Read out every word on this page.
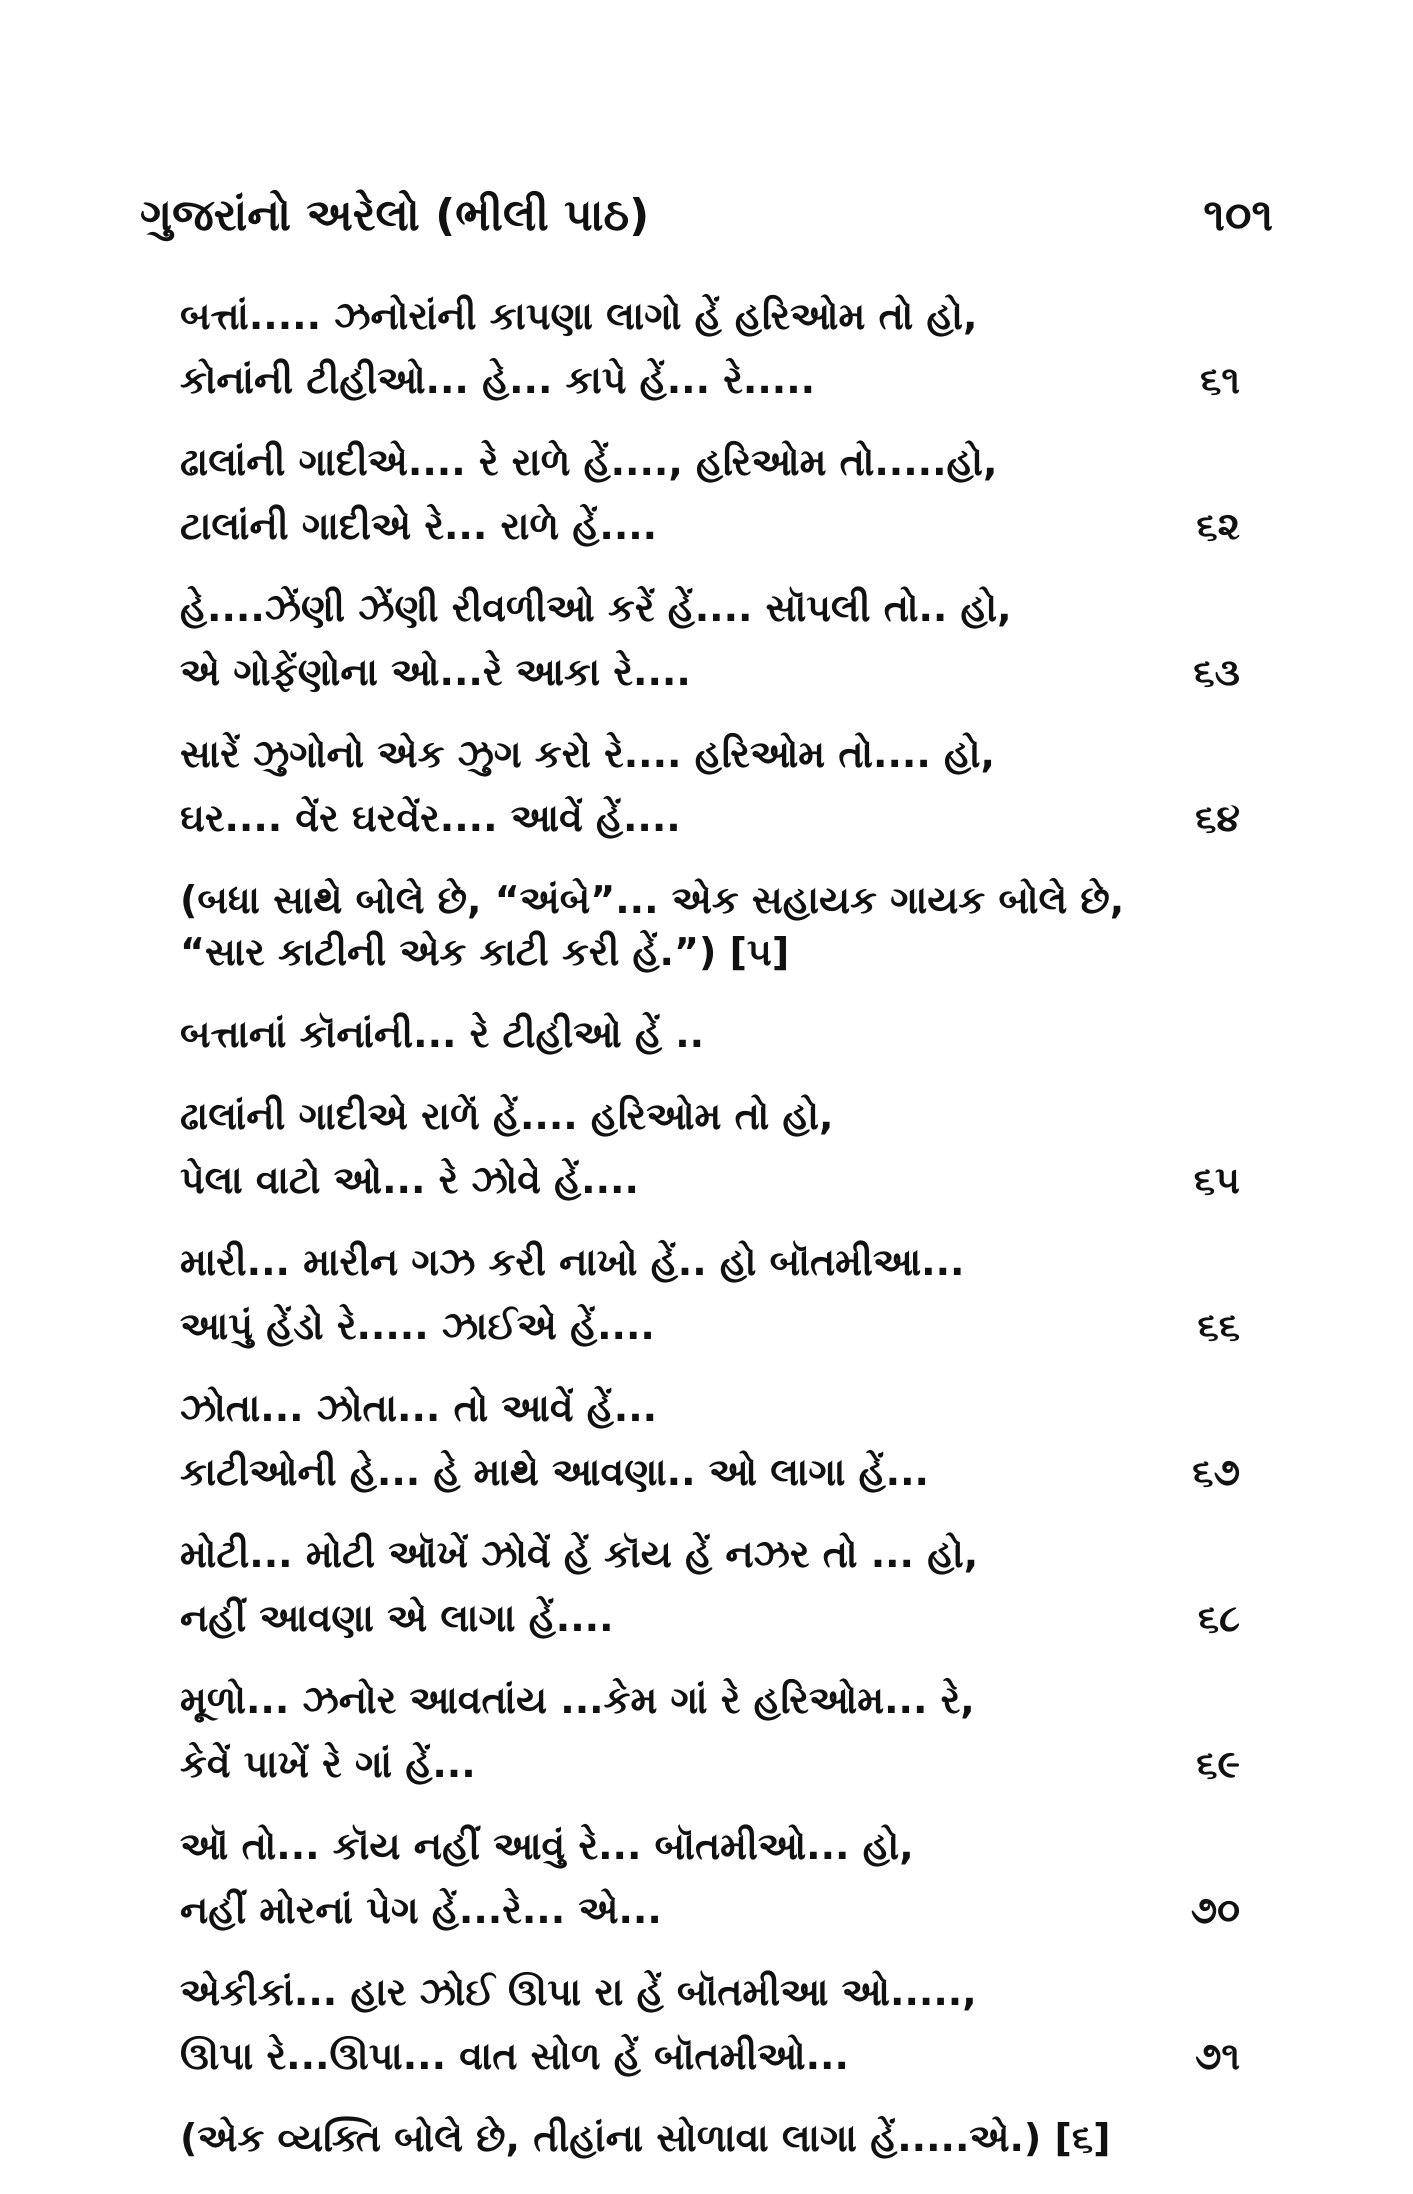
ગુજરાંનો અરેલો (ભીલી પાઠ)	૧૦૧
બત્તાં..... ઝનોરાંની કાપણા લાગો હેં હરિઓમ તો હો,
કોનાંની ટીહીઓ... હે... કાપે હેં... રે.....	૬૧
ઢાલાંની ગાદીએ.... રે રાળે હેં...., હરિઓમ તો.....હો,
ટાલાંની ગાદીએ રે... રાળે હેં....	૬૨
હે....ઝેંણી ઝેંણી રીવળીઓ કરેં હેં.... સૉપલી તો.. હો,
એ ગોફેંણોના ઓ...રે આકા રે....	૬૩
સારેં ઝુગોનો એક ઝુગ કરો રે.... હરિઓમ તો.... હો,
ઘર.... વેંર ઘરવેંર.... આવેં હેં....	૬૪
(બધા સાથે બોલે છે, “અંબે”... એક સહાયક ગાયક બોલે છે,
“સાર કાટીની એક કાટી કરી હેં.”) [૫]
બત્તાનાં કૉનાંની... રે ટીહીઓ હેં ..
ઢાલાંની ગાદીએ રાળેં હેં.... હરિઓમ તો હો,
પેલા વાટો ઓ... રે ઝોવે હેં....	૬૫
મારી... મારીન ગઝ કરી નાખો હેં.. હો બૉતમીઆ...
આપું હેંડો રે..... ઝાઈએ હેં....	૬૬
ઝોતા... ઝોતા... તો આવેં હેં...
કાટીઓની હે... હે માથે આવણા.. ઓ લાગા હેં...	૬૭
મોટી... મોટી ઑખેં ઝોવેં હેં કૉય હેં નઝર તો ... હો,
નહીં આવણા એ લાગા હેં....	૬૮
મૂળો... ઝનોર આવતાંય ...કેમ ગાં રે હરિઓમ... રે,
કેવેં પાખેં રે ગાં હેં...	૬૯
ઑ તો... કૉય નહીં આવું રે... બૉતમીઓ... હો,
નહીં મોરનાં પેગ હેં...રે... એ...	૭૦
એકીકાં... હાર ઝોઈ ઊપા રા હેં બૉતમીઆ ઓ.....,
ઊપા રે...ઊપા... વાત સોળ હેં બૉતમીઓ...	૭૧
(એક વ્યક્તિ બોલે છે, તીહાંના સોળાવા લાગા હેં.....એ.) [૬]
